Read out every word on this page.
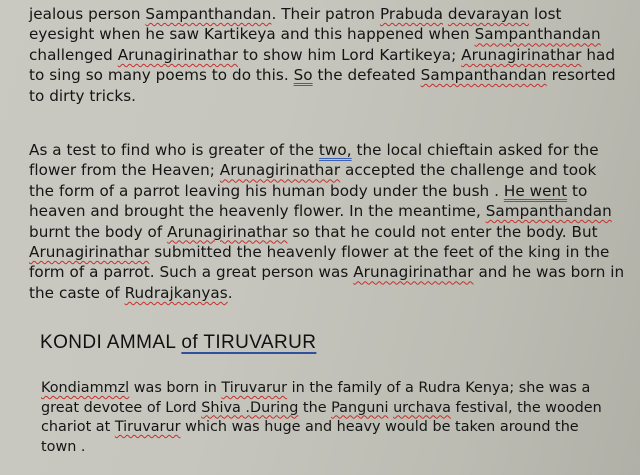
jealous person Sampanthandan. Their patron Prabuda devarayan lost
eyesight when he saw Kartikeya and this happened when Sampanthandan
challenged Arunagirinathar to show him Lord Kartikeya; Arunagirinathar had
to sing so many poems to do this. So the defeated Sampanthandan resorted
to dirty tricks.

As a test to find who is greater of the two, the local chieftain asked for the
flower from the Heaven; Arunagirinathar accepted the challenge and took
the form of a parrot leaving his human body under the bush . He went to
heaven and brought the heavenly flower. In the meantime, Sampanthandan
burnt the body of Arunagirinathar so that he could not enter the body. But
Arunagirinathar submitted the heavenly flower at the feet of the king in the
form of a parrot. Such a great person was Arunagirinathar and he was born in
the caste of Rudrajkanyas.

KONDI AMMAL of TIRUVARUR

Kondiammzl was born in Tiruvarur in the family of a Rudra Kenya; she was a
great devotee of Lord Shiva .During the Panguni urchava festival, the wooden
chariot at Tiruvarur which was huge and heavy would be taken around the
town .
